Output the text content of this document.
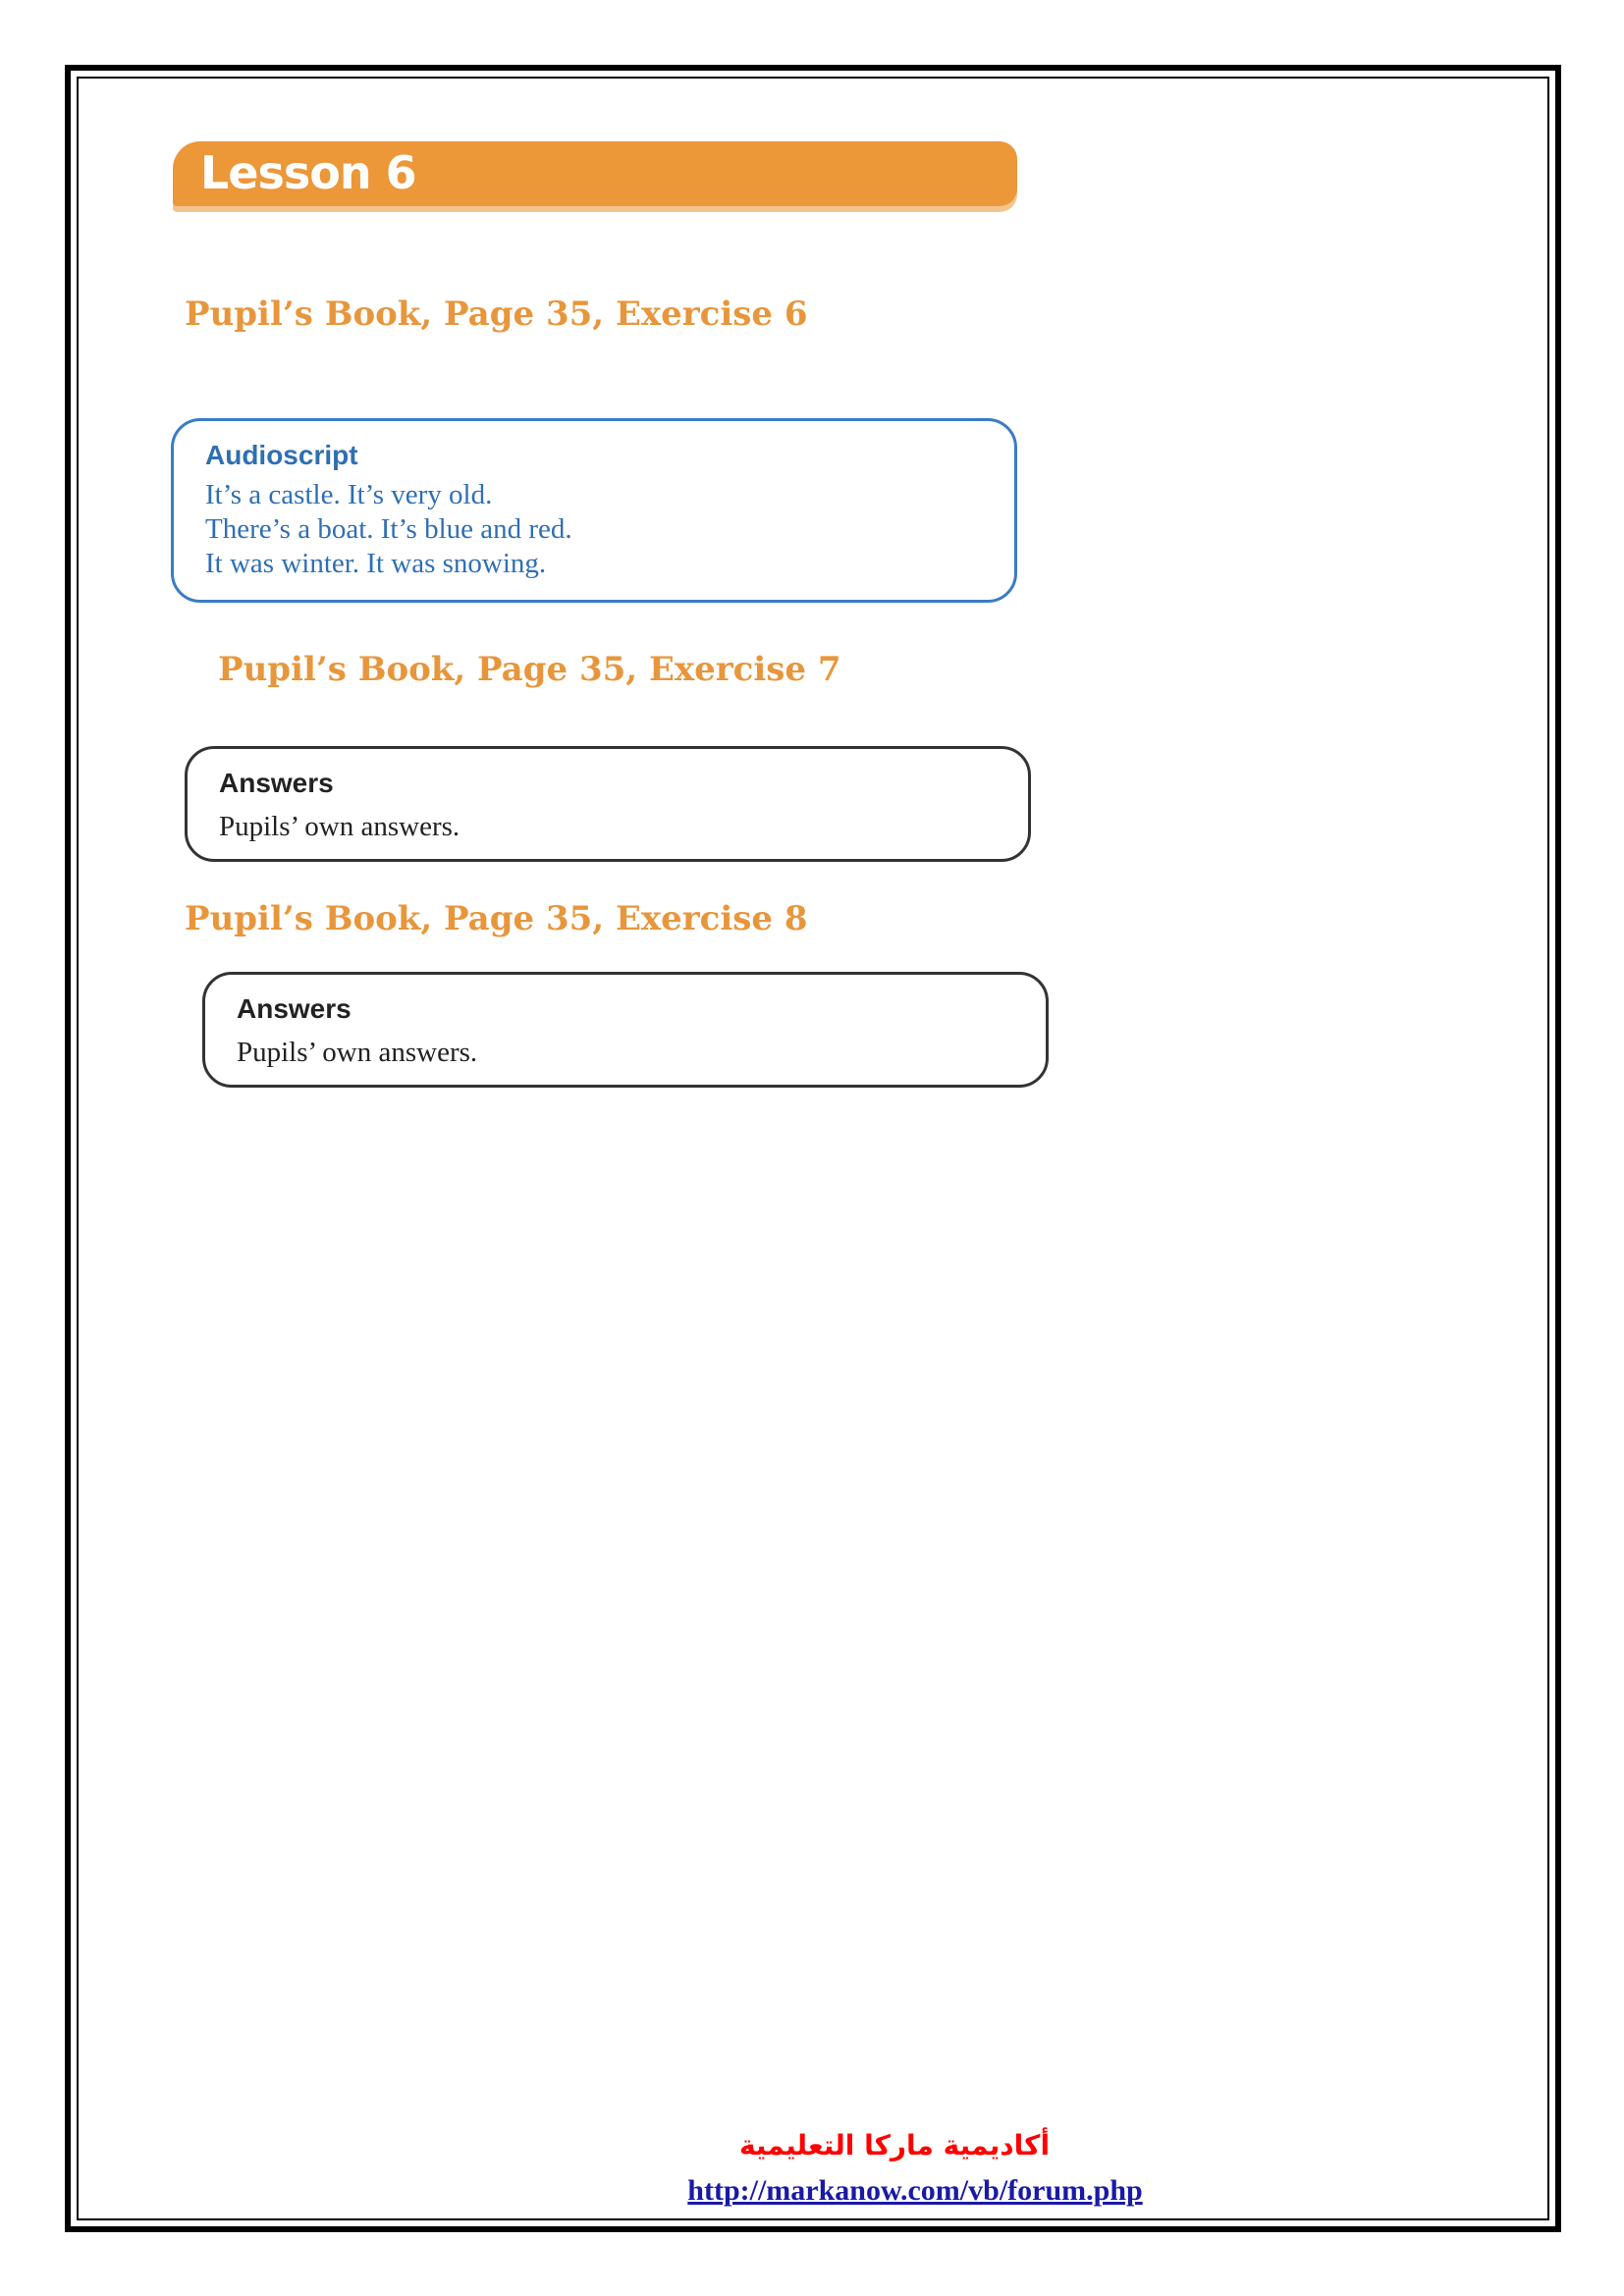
Lesson 6
Pupil’s Book, Page 35, Exercise 6
Audioscript
It’s a castle. It’s very old.
There’s a boat. It’s blue and red.
It was winter. It was snowing.
Pupil’s Book, Page 35, Exercise 7
Answers
Pupils’ own answers.
Pupil’s Book, Page 35, Exercise 8
Answers
Pupils’ own answers.
أكاديمية ماركا التعليمية
http://markanow.com/vb/forum.php
